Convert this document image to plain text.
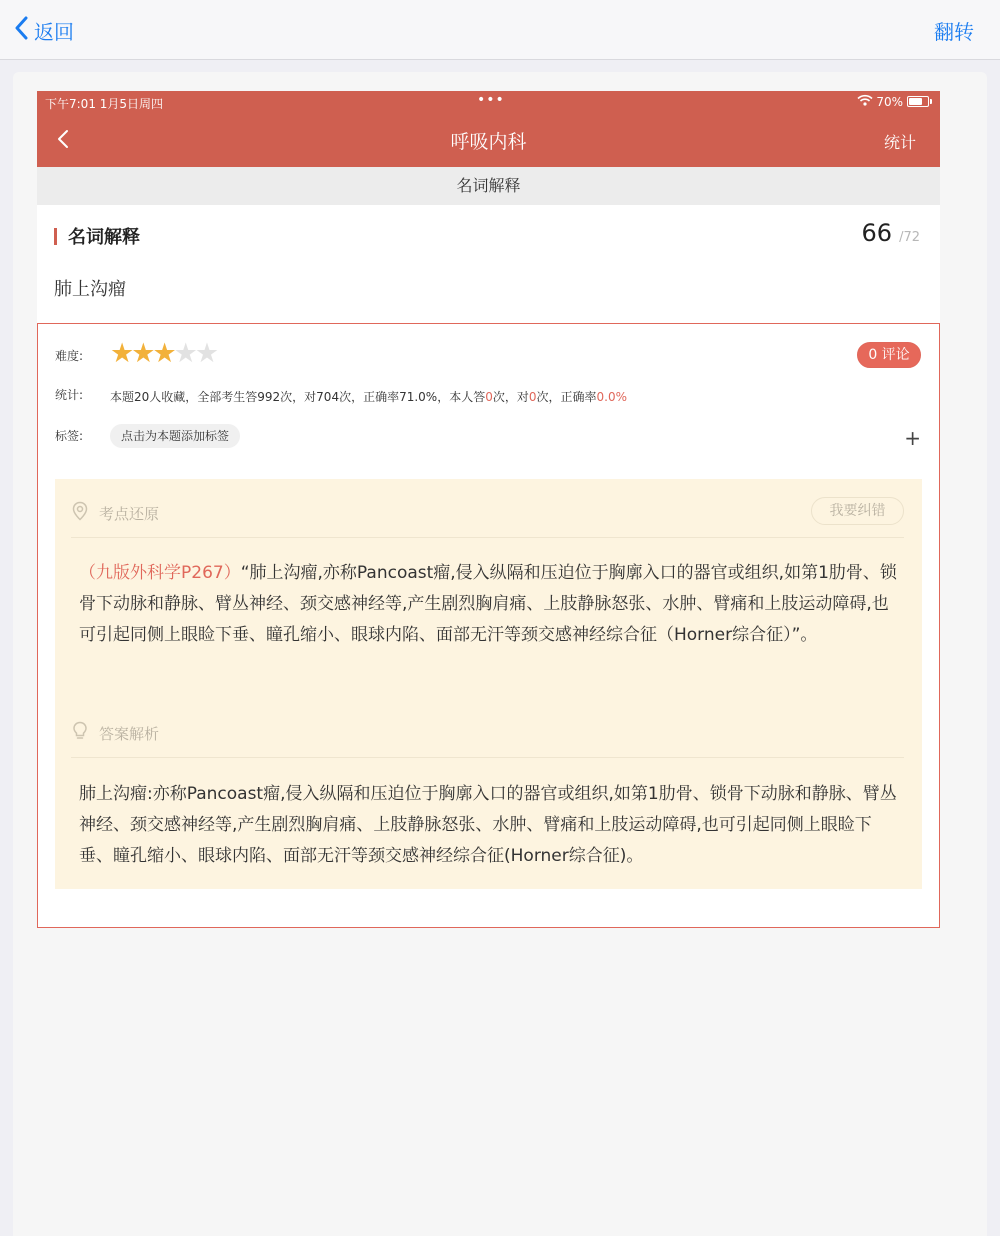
返回	翻转
下午7:01 1月5日周四	•••	70%
呼吸内科	统计
名词解释
名词解释	66 /72
肺上沟瘤
难度: ★
★
★
★
★	0 评论
统计: 本题20人收藏，全部考生答992次，对704次，正确率71.0%，本人答0次，对0次，正确率0.0%
标签:	点击为本题添加标签	+
考点还原	我要纠错
（九版外科学P267）“肺上沟瘤,亦称Pancoast瘤,侵入纵隔和压迫位于胸廓入口的器官或组织,如第1肋骨、锁骨下动脉和静脉、臂丛神经、颈交感神经等,产生剧烈胸肩痛、上肢静脉怒张、水肿、臂痛和上肢运动障碍,也可引起同侧上眼睑下垂、瞳孔缩小、眼球内陷、面部无汗等颈交感神经综合征（Horner综合征）”。
答案解析
肺上沟瘤:亦称Pancoast瘤,侵入纵隔和压迫位于胸廓入口的器官或组织,如第1肋骨、锁骨下动脉和静脉、臂丛神经、颈交感神经等,产生剧烈胸肩痛、上肢静脉怒张、水肿、臂痛和上肢运动障碍,也可引起同侧上眼睑下垂、瞳孔缩小、眼球内陷、面部无汗等颈交感神经综合征(Horner综合征)。
